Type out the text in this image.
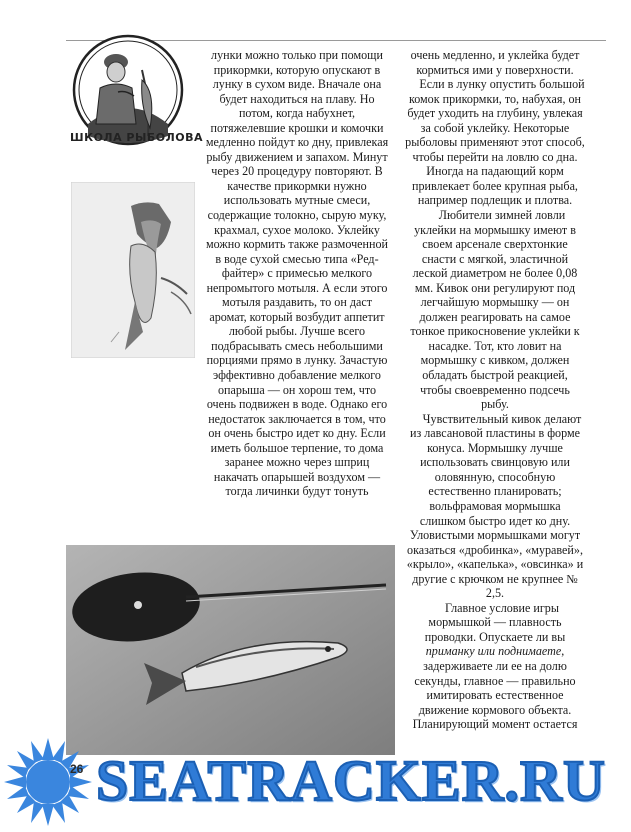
ШКОЛА РЫБОЛОВА

лунки можно только при помощи прикормки, которую опускают в лунку в сухом виде. Вначале она будет находиться на плаву. Но потом, когда набухнет, потяжелевшие крошки и комочки медленно пойдут ко дну, привлекая рыбу движением и запахом. Минут через 20 процедуру повторяют. В качестве прикормки нужно использовать мутные смеси, содержащие толокно, сырую муку, крахмал, сухое молоко. Уклейку можно кормить также размоченной в воде сухой смесью типа «Ред-файтер» с примесью мелкого непромытого мотыля. А если этого мотыля раздавить, то он даст аромат, который возбудит аппетит любой рыбы. Лучше всего подбрасывать смесь небольшими порциями прямо в лунку. Зачастую эффективно добавление мелкого опарыша — он хорош тем, что очень подвижен в воде. Однако его недостаток заключается в том, что он очень быстро идет ко дну. Если иметь большое терпение, то дома заранее можно через шприц накачать опарышей воздухом — тогда личинки будут тонуть

очень медленно, и уклейка будет кормиться ими у поверхности.

Если в лунку опустить большой комок прикормки, то, набухая, он будет уходить на глубину, увлекая за собой уклейку. Некоторые рыболовы применяют этот способ, чтобы перейти на ловлю со дна. Иногда на падающий корм привлекает более крупная рыба, например подлещик и плотва.

Любители зимней ловли уклейки на мормышку имеют в своем арсенале сверхтонкие снасти с мягкой, эластичной леской диаметром не более 0,08 мм. Кивок они регулируют под легчайшую мормышку — он должен реагировать на самое тонкое прикосновение уклейки к насадке. Тот, кто ловит на мормышку с кивком, должен обладать быстрой реакцией, чтобы своевременно подсечь рыбу.

Чувствительный кивок делают из лавсановой пластины в форме конуса. Мормышку лучше использовать свинцовую или оловянную, способную естественно планировать; вольфрамовая мормышка слишком быстро идет ко дну. Уловистыми мормышками могут оказаться «дробинка», «муравей», «крыло», «капелька», «овсинка» и другие с крючком не крупнее № 2,5.

Главное условие игры мормышкой — плавность проводки. Опускаете ли вы приманку или поднимаете, задерживаете ли ее на долю секунды, главное — правильно имитировать естественное движение кормового объекта. Планирующий момент остается

26 SEATRACKER.RU
